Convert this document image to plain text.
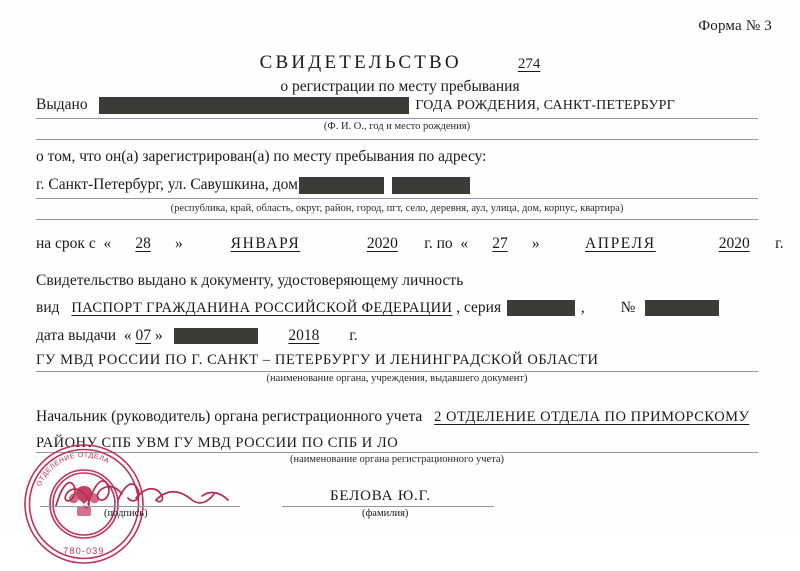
Форма № 3
СВИДЕТЕЛЬСТВО	274
о регистрации по месту пребывания
Выдано	ГОДА РОЖДЕНИЯ, САНКТ-ПЕТЕРБУРГ
(Ф. И. О., год и место рождения)
о том, что он(а) зарегистрирован(а) по месту пребывания по адресу:
г. Санкт-Петербург, ул. Савушкина, дом
(республика, край, область, округ, район, город, пгт, село, деревня, аул, улица, дом, корпус, квартира)
на срок с  « 28 »	ЯНВАРЯ	2020 г. по  « 27 »	АПРЕЛЯ	2020 г.
Свидетельство выдано к документу, удостоверяющему личность
вид ПАСПОРТ ГРАЖДАНИНА РОССИЙСКОЙ ФЕДЕРАЦИИ , серия	, №
дата выдачи  « 07 »	2018 г.
ГУ МВД РОССИИ ПО Г. САНКТ – ПЕТЕРБУРГУ И ЛЕНИНГРАДСКОЙ ОБЛАСТИ
(наименование органа, учреждения, выдавшего документ)
Начальник (руководитель) органа регистрационного учета 2 ОТДЕЛЕНИЕ ОТДЕЛА ПО ПРИМОРСКОМУ
РАЙОНУ СПБ УВМ ГУ МВД РОССИИ ПО СПБ И ЛО
(наименование органа регистрационного учета)
ОТДЕЛЕНИЕ ОТДЕЛА
780-039
(подпись)
БЕЛОВА Ю.Г.
(фамилия)
